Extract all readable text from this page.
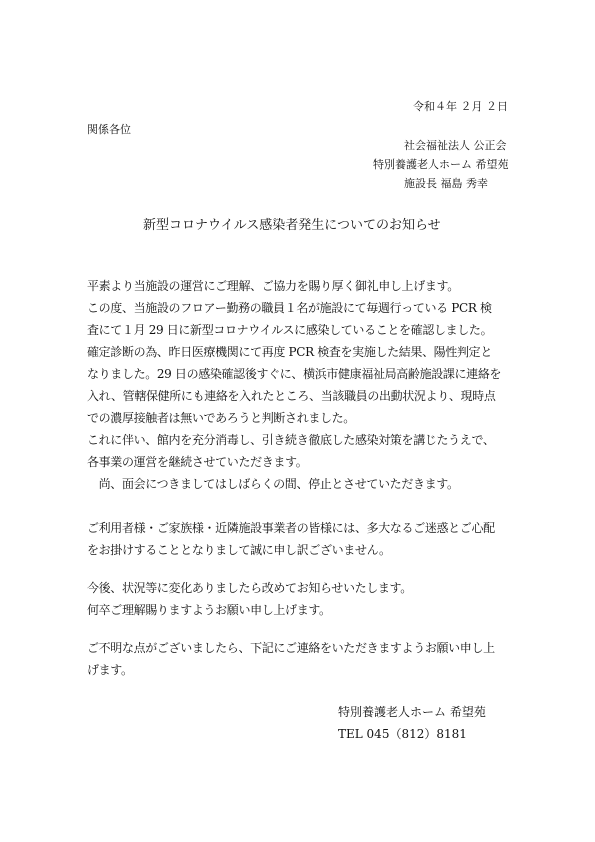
令和４年 ２月 ２日
関係各位
社会福祉法人 公正会
特別養護老人ホーム 希望苑
施設長 福島 秀幸
新型コロナウイルス感染者発生についてのお知らせ
平素より当施設の運営にご理解、ご協力を賜り厚く御礼申し上げます。
この度、当施設のフロアー勤務の職員１名が施設にて毎週行っている PCR 検
査にて１月 29 日に新型コロナウイルスに感染していることを確認しました。
確定診断の為、昨日医療機関にて再度 PCR 検査を実施した結果、陽性判定と
なりました。29 日の感染確認後すぐに、横浜市健康福祉局高齢施設課に連絡を
入れ、管轄保健所にも連絡を入れたところ、当該職員の出動状況より、現時点
での濃厚接触者は無いであろうと判断されました。
これに伴い、館内を充分消毒し、引き続き徹底した感染対策を講じたうえで、
各事業の運営を継続させていただきます。
　尚、面会につきましてはしばらくの間、停止とさせていただきます。
ご利用者様・ご家族様・近隣施設事業者の皆様には、多大なるご迷惑とご心配
をお掛けすることとなりまして誠に申し訳ございません。
今後、状況等に変化ありましたら改めてお知らせいたします。
何卒ご理解賜りますようお願い申し上げます。
ご不明な点がございましたら、下記にご連絡をいただきますようお願い申し上
げます。
特別養護老人ホーム 希望苑
TEL 045（812）8181
